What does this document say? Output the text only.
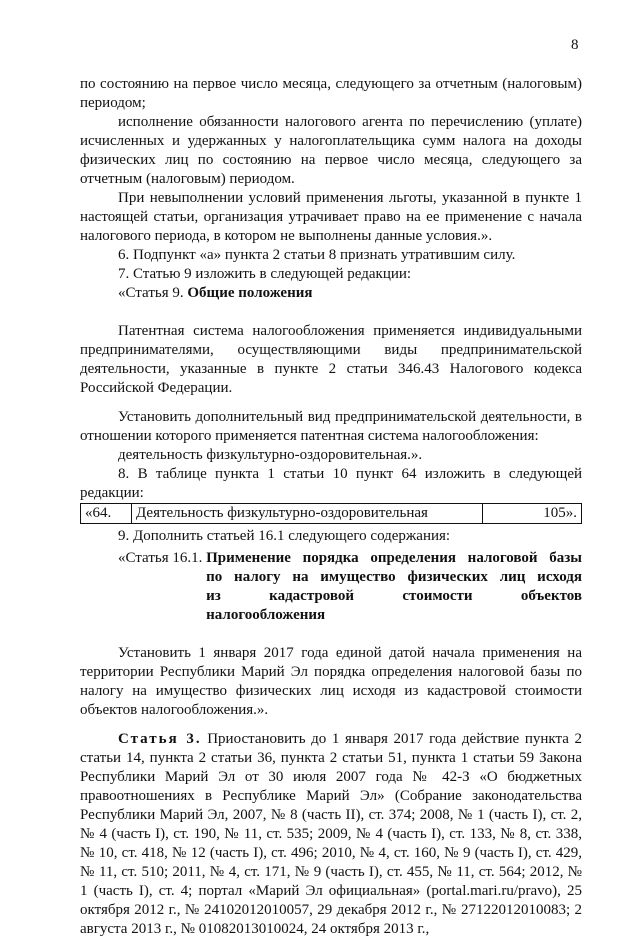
8

по состоянию на первое число месяца, следующего за отчетным (налоговым) периодом;

исполнение обязанности налогового агента по перечислению (уплате) исчисленных и удержанных у налогоплательщика сумм налога на доходы физических лиц по состоянию на первое число месяца, следующего за отчетным (налоговым) периодом.

При невыполнении условий применения льготы, указанной в пункте 1 настоящей статьи, организация утрачивает право на ее применение с начала налогового периода, в котором не выполнены данные условия.».

6. Подпункт «а» пункта 2 статьи 8 признать утратившим силу.

7. Статью 9 изложить в следующей редакции:

«Статья 9. Общие положения

Патентная система налогообложения применяется индивидуальными предпринимателями, осуществляющими виды предпринимательской деятельности, указанные в пункте 2 статьи 346.43 Налогового кодекса Российской Федерации.

Установить дополнительный вид предпринимательской деятельности, в отношении которого применяется патентная система налогообложения:

деятельность физкультурно-оздоровительная.».

8. В таблице пункта 1 статьи 10 пункт 64 изложить в следующей редакции:

«64.	Деятельность физкультурно-оздоровительная	105».

9. Дополнить статьей 16.1 следующего содержания:

«Статья 16.1. Применение порядка определения налоговой базы
по налогу на имущество физических лиц исходя
из кадастровой стоимости объектов
налогообложения

Установить 1 января 2017 года единой датой начала применения на территории Республики Марий Эл порядка определения налоговой базы по налогу на имущество физических лиц исходя из кадастровой стоимости объектов налогообложения.».

Статья 3. Приостановить до 1 января 2017 года действие пункта 2 статьи 14, пункта 2 статьи 36, пункта 2 статьи 51, пункта 1 статьи 59 Закона Республики Марий Эл от 30 июля 2007 года № 42-З «О бюджетных правоотношениях в Республике Марий Эл» (Собрание законодательства Республики Марий Эл, 2007, № 8 (часть II), ст. 374; 2008, № 1 (часть I), ст. 2, № 4 (часть I), ст. 190, № 11, ст. 535; 2009, № 4 (часть I), ст. 133, № 8, ст. 338, № 10, ст. 418, № 12 (часть I), ст. 496; 2010, № 4, ст. 160, № 9 (часть I), ст. 429, № 11, ст. 510; 2011, № 4, ст. 171, № 9 (часть I), ст. 455, № 11, ст. 564; 2012, № 1 (часть I), ст. 4; портал «Марий Эл официальная» (portal.mari.ru/pravo), 25 октября 2012 г., № 24102012010057, 29 декабря 2012 г., № 27122012010083; 2 августа 2013 г., № 01082013010024, 24 октября 2013 г.,
